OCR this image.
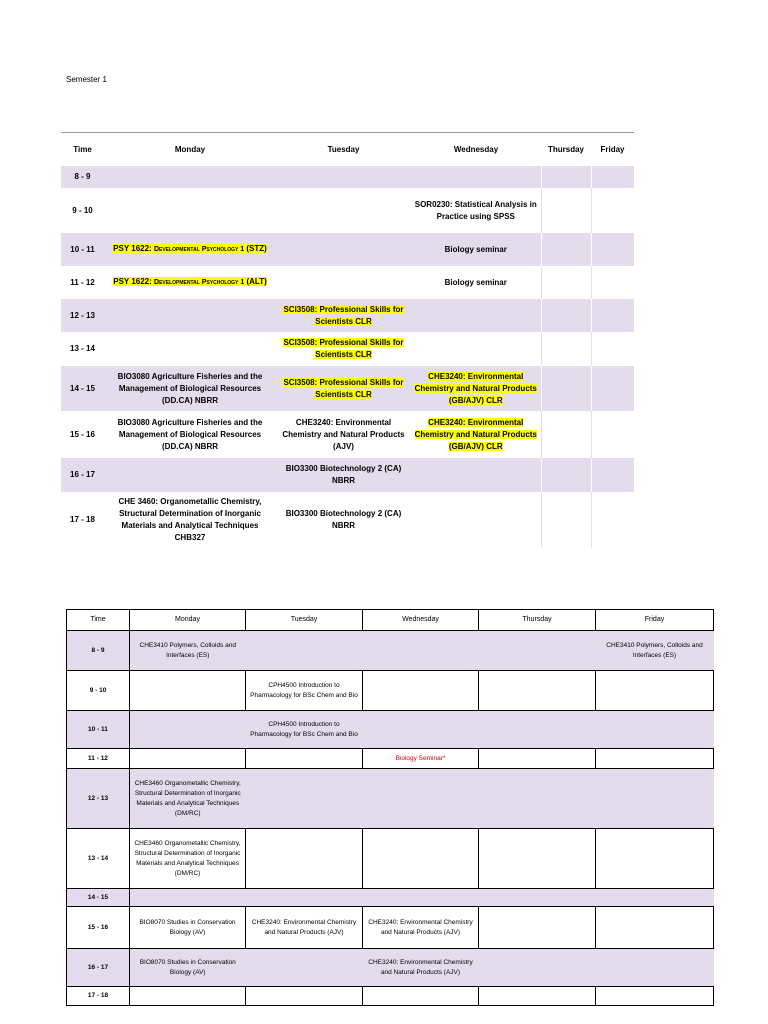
Semester 1
Time	Monday	Tuesday	Wednesday	Thursday	Friday
8 - 9					
9 - 10			SOR0230: Statistical Analysis in Practice using SPSS		
10 - 11	PSY 1622: Developmental Psychology 1 (STZ)		Biology seminar		
11 - 12	PSY 1622: Developmental Psychology 1 (ALT)		Biology seminar		
12 - 13		SCI3508: Professional Skills for Scientists CLR			
13 - 14		SCI3508: Professional Skills for Scientists CLR			
14 - 15	BIO3080 Agriculture Fisheries and the Management of Biological Resources (DD.CA) NBRR	SCI3508: Professional Skills for Scientists CLR	CHE3240: Environmental Chemistry and Natural Products (GB/AJV) CLR		
15 - 16	BIO3080 Agriculture Fisheries and the Management of Biological Resources (DD.CA) NBRR	CHE3240: Environmental Chemistry and Natural Products (AJV)	CHE3240: Environmental Chemistry and Natural Products (GB/AJV) CLR		
16 - 17		BIO3300 Biotechnology 2 (CA) NBRR			
17 - 18	CHE 3460: Organometallic Chemistry, Structural Determination of Inorganic Materials and Analytical Techniques CHB327	BIO3300 Biotechnology 2 (CA) NBRR			
Time	Monday	Tuesday	Wednesday	Thursday	Friday
8 - 9	CHE3410 Polymers, Colloids and Interfaces (ES)				CHE3410 Polymers, Colloids and Interfaces (ES)
9 - 10		CPH4500 Introduction to Pharmacology for BSc Chem and Bio			
10 - 11		CPH4500 Introduction to Pharmacology for BSc Chem and Bio			
11 - 12			Biology Seminar*		
12 - 13	CHE3460 Organometallic Chemistry, Structural Determination of Inorganic Materials and Analytical Techniques (DM/RC)				
13 - 14	CHE3460 Organometallic Chemistry, Structural Determination of Inorganic Materials and Analytical Techniques (DM/RC)				
14 - 15					
15 - 16	BIO8070 Studies in Conservation Biology (AV)	CHE3240: Environmental Chemistry and Natural Products (AJV)	CHE3240: Environmental Chemistry and Natural Products (AJV)		
16 - 17	BIO8070 Studies in Conservation Biology (AV)		CHE3240: Environmental Chemistry and Natural Products (AJV)		
17 - 18					
